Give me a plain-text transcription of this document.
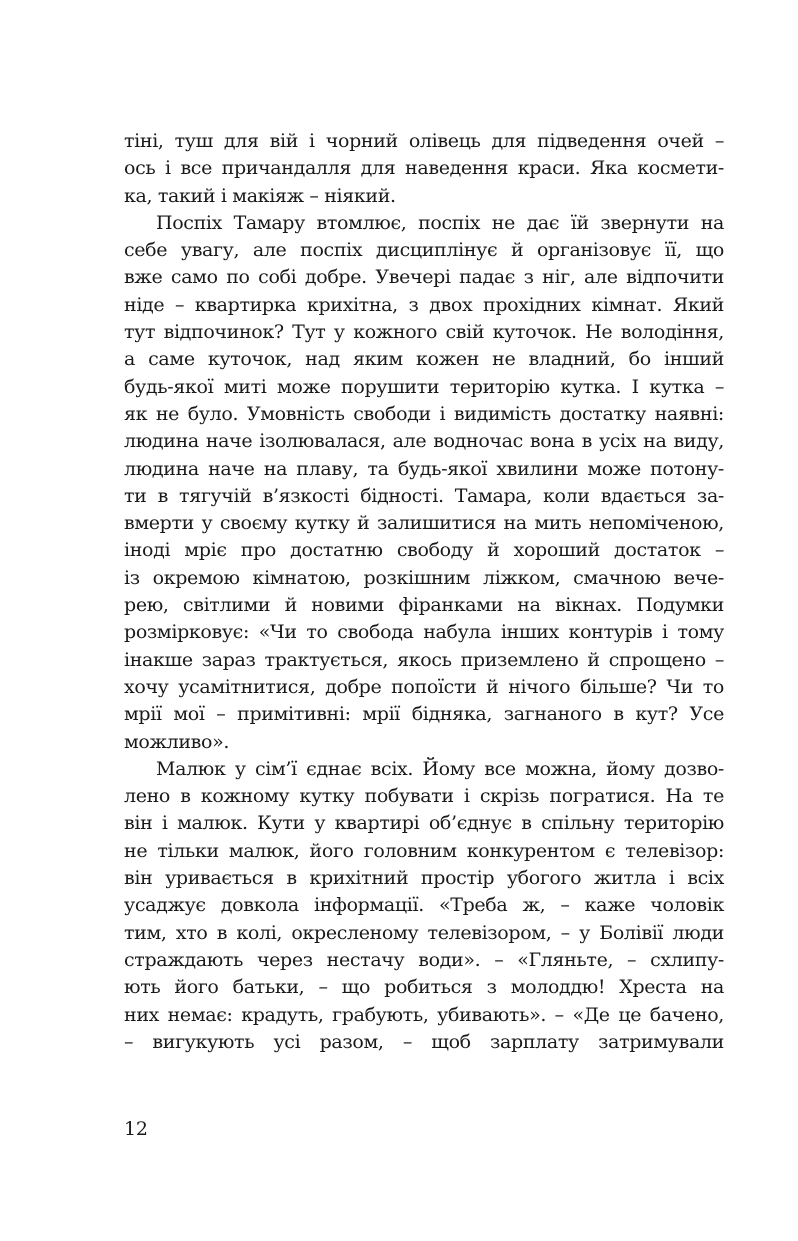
тіні, туш для вій і чорний олівець для підведення очей –
ось і все причандалля для наведення краси. Яка космети-
ка, такий і макіяж – ніякий.
Поспіх Тамару втомлює, поспіх не дає їй звернути на
себе увагу, але поспіх дисциплінує й організовує її, що
вже само по собі добре. Увечері падає з ніг, але відпочити
ніде – квартирка крихітна, з двох прохідних кімнат. Який
тут відпочинок? Тут у кожного свій куточок. Не володіння,
а саме куточок, над яким кожен не владний, бо інший
будь-якої миті може порушити територію кутка. І кутка –
як не було. Умовність свободи і видимість достатку наявні:
людина наче ізолювалася, але водночас вона в усіх на виду,
людина наче на плаву, та будь-якої хвилини може потону-
ти в тягучій в’язкості бідності. Тамара, коли вдається за-
вмерти у своєму кутку й залишитися на мить непоміченою,
іноді мріє про достатню свободу й хороший достаток –
із окремою кімнатою, розкішним ліжком, смачною вече-
рею, світлими й новими фіранками на вікнах. Подумки
розмірковує: «Чи то свобода набула інших контурів і тому
інакше зараз трактується, якось приземлено й спрощено –
хочу усамітнитися, добре попоїсти й нічого більше? Чи то
мрії мої – примітивні: мрії бідняка, загнаного в кут? Усе
можливо».
Малюк у сім’ї єднає всіх. Йому все можна, йому дозво-
лено в кожному кутку побувати і скрізь погратися. На те
він і малюк. Кути у квартирі об’єднує в спільну територію
не тільки малюк, його головним конкурентом є телевізор:
він уривається в крихітний простір убогого житла і всіх
усаджує довкола інформації. «Треба ж, – каже чоловік
тим, хто в колі, окресленому телевізором, – у Болівії люди
страждають через нестачу води». – «Гляньте, – схлипу-
ють його батьки, – що робиться з молоддю! Хреста на
них немає: крадуть, грабують, убивають». – «Де це бачено,
– вигукують усі разом, – щоб зарплату затримували
12
